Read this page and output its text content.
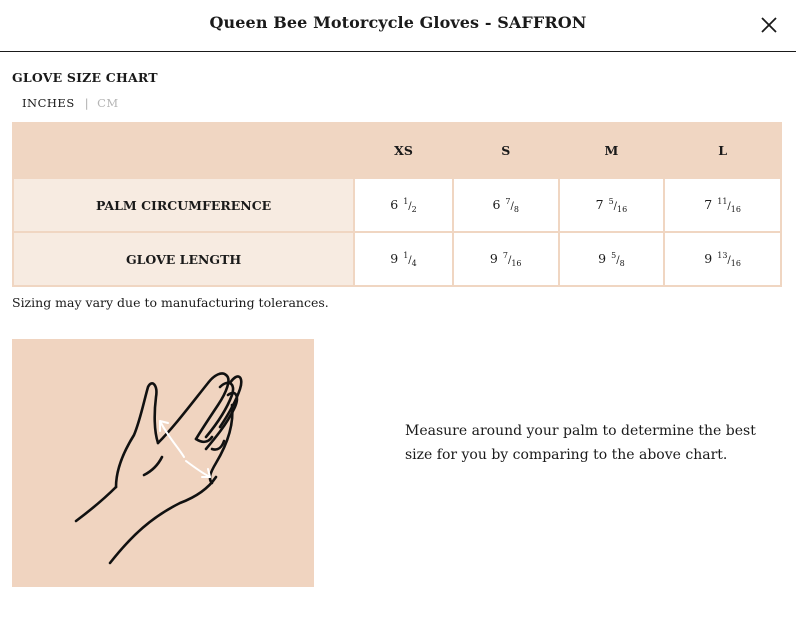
Queen Bee Motorcycle Gloves - SAFFRON
GLOVE SIZE CHART
INCHES | CM
	XS	S	M	L
PALM CIRCUMFERENCE	6 $^1/_2$	6 $^7/_8$	7 $^5/_{16}$	7 $^{11}/_{16}$
GLOVE LENGTH	9 $^1/_4$	9 $^7/_{16}$	9 $^5/_8$	9 $^{13}/_{16}$
Sizing may vary due to manufacturing tolerances.
Measure around your palm to determine the best size for you by comparing to the above chart.
